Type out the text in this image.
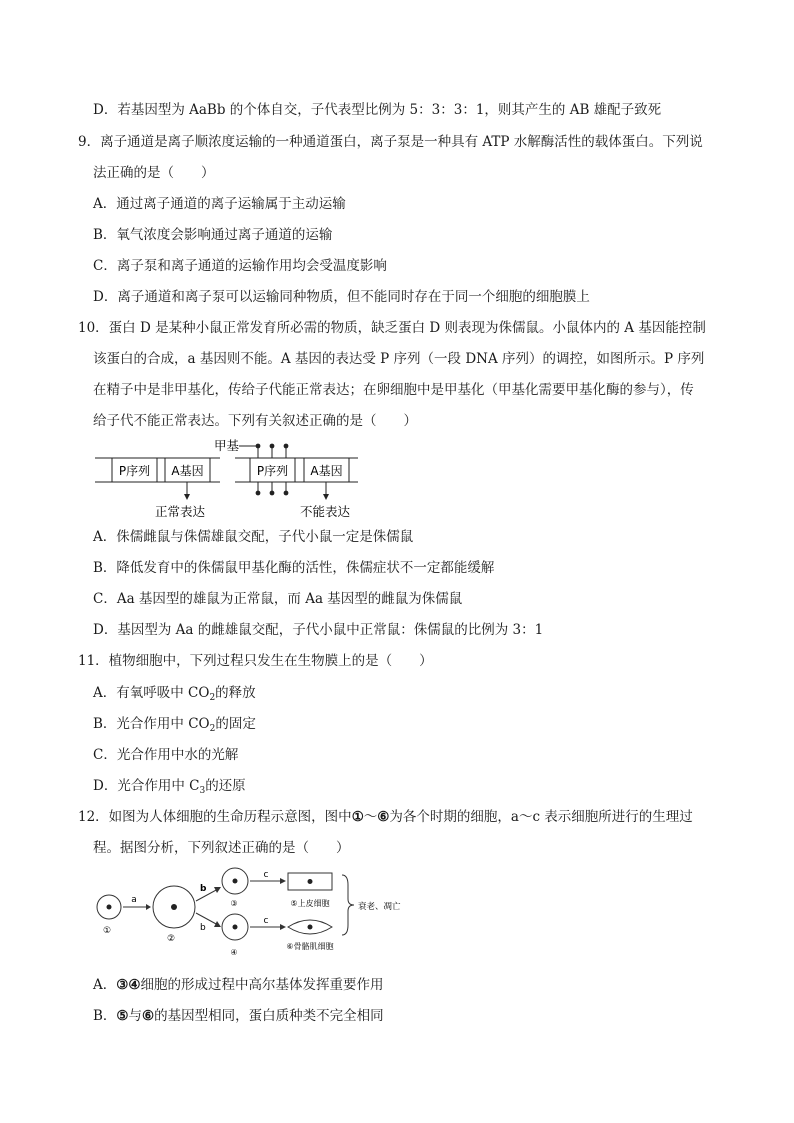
D．若基因型为 AaBb 的个体自交，子代表型比例为 5：3：3：1，则其产生的 AB 雄配子致死
9．离子通道是离子顺浓度运输的一种通道蛋白，离子泵是一种具有 ATP 水解酶活性的载体蛋白。下列说
法正确的是（　　）
A．通过离子通道的离子运输属于主动运输
B．氧气浓度会影响通过离子通道的运输
C．离子泵和离子通道的运输作用均会受温度影响
D．离子通道和离子泵可以运输同种物质，但不能同时存在于同一个细胞的细胞膜上
10．蛋白 D 是某种小鼠正常发育所必需的物质，缺乏蛋白 D 则表现为侏儒鼠。小鼠体内的 A 基因能控制
该蛋白的合成，a 基因则不能。A 基因的表达受 P 序列（一段 DNA 序列）的调控，如图所示。P 序列
在精子中是非甲基化，传给子代能正常表达；在卵细胞中是甲基化（甲基化需要甲基化酶的参与），传
给子代不能正常表达。下列有关叙述正确的是（　　）
P序列 A基因
正常表达
P序列 A基因
甲基
不能表达
A．侏儒雌鼠与侏儒雄鼠交配，子代小鼠一定是侏儒鼠
B．降低发育中的侏儒鼠甲基化酶的活性，侏儒症状不一定都能缓解
C．Aa 基因型的雄鼠为正常鼠，而 Aa 基因型的雌鼠为侏儒鼠
D．基因型为 Aa 的雌雄鼠交配，子代小鼠中正常鼠：侏儒鼠的比例为 3：1
11．植物细胞中，下列过程只发生在生物膜上的是（　　）
A．有氧呼吸中 $CO_2$的释放
B．光合作用中 $CO_2$的固定
C．光合作用中水的光解
D．光合作用中 $C_3$的还原
12．如图为人体细胞的生命历程示意图，图中①～⑥为各个时期的细胞，a～c 表示细胞所进行的生理过
程。据图分析，下列叙述正确的是（　　）
①
a
②
b
b
③
④
c
c
⑤上皮细胞
⑥骨骼肌细胞
衰老、凋亡
A．③④细胞的形成过程中高尔基体发挥重要作用
B．⑤与⑥的基因型相同，蛋白质种类不完全相同
